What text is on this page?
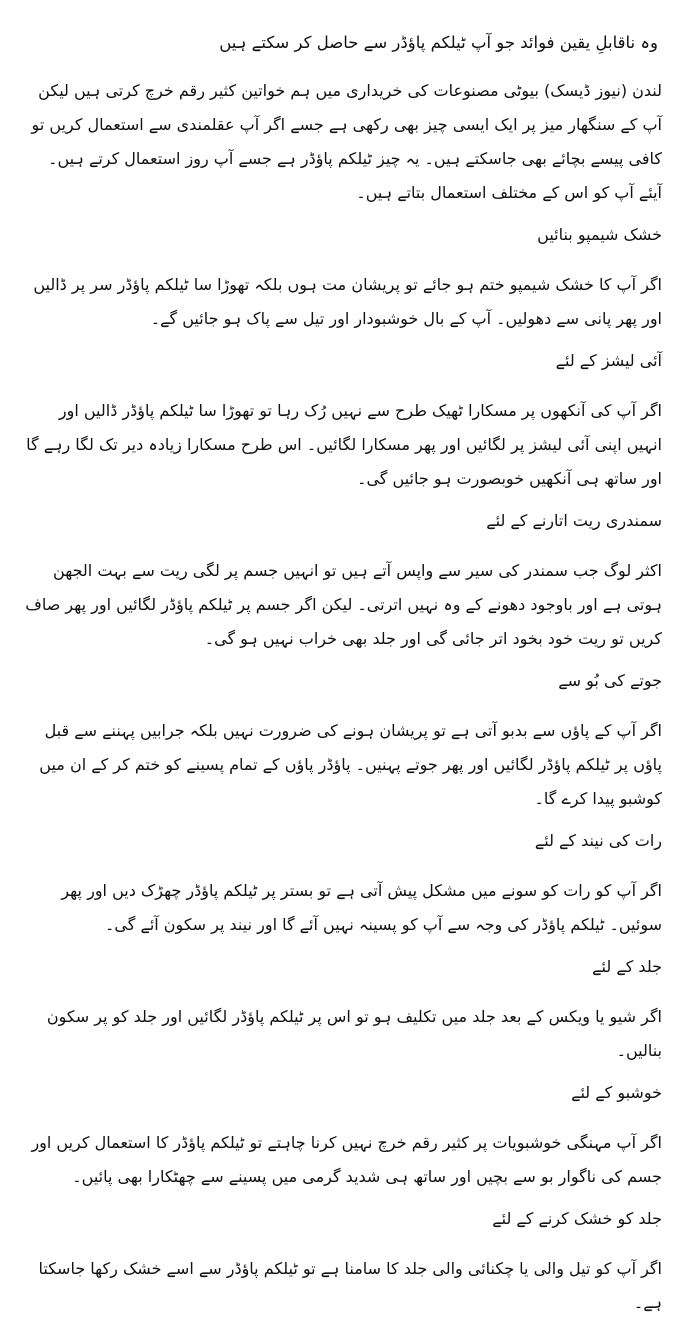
وہ ناقابلِ یقین فوائد جو آپ ٹیلکم پاؤڈر سے حاصل کر سکتے ہیں

لندن (نیوز ڈیسک) بیوٹی مصنوعات کی خریداری میں ہم خواتین کثیر رقم خرچ کرتی ہیں لیکن آپ کے سنگھار میز پر ایک ایسی چیز بھی رکھی ہے جسے اگر آپ عقلمندی سے استعمال کریں تو کافی پیسے بچائے بھی جاسکتے ہیں۔ یہ چیز ٹیلکم پاؤڈر ہے جسے آپ روز استعمال کرتے ہیں۔ آیئے آپ کو اس کے مختلف استعمال بتاتے ہیں۔

خشک شیمپو بنائیں

اگر آپ کا خشک شیمپو ختم ہو جائے تو پریشان مت ہوں بلکہ تھوڑا سا ٹیلکم پاؤڈر سر پر ڈالیں اور پھر پانی سے دھولیں۔ آپ کے بال خوشبودار اور تیل سے پاک ہو جائیں گے۔

آئی لیشز کے لئے

اگر آپ کی آنکھوں پر مسکارا ٹھیک طرح سے نہیں رُک رہا تو تھوڑا سا ٹیلکم پاؤڈر ڈالیں اور انہیں اپنی آئی لیشز پر لگائیں اور پھر مسکارا لگائیں۔ اس طرح مسکارا زیادہ دیر تک لگا رہے گا اور ساتھ ہی آنکھیں خوبصورت ہو جائیں گی۔

سمندری ریت اتارنے کے لئے

اکثر لوگ جب سمندر کی سیر سے واپس آتے ہیں تو انہیں جسم پر لگی ریت سے بہت الجھن ہوتی ہے اور باوجود دھونے کے وہ نہیں اترتی۔ لیکن اگر جسم پر ٹیلکم پاؤڈر لگائیں اور پھر صاف کریں تو ریت خود بخود اتر جائی گی اور جلد بھی خراب نہیں ہو گی۔

جوتے کی بُو سے

اگر آپ کے پاؤں سے بدبو آتی ہے تو پریشان ہونے کی ضرورت نہیں بلکہ جرابیں پہننے سے قبل پاؤں پر ٹیلکم پاؤڈر لگائیں اور پھر جوتے پہنیں۔ پاؤڈر پاؤں کے تمام پسینے کو ختم کر کے ان میں کوشبو پیدا کرے گا۔

رات کی نیند کے لئے

اگر آپ کو رات کو سونے میں مشکل پیش آتی ہے تو بستر پر ٹیلکم پاؤڈر چھڑک دیں اور پھر سوئیں۔ ٹیلکم پاؤڈر کی وجہ سے آپ کو پسینہ نہیں آئے گا اور نیند پر سکون آئے گی۔

جلد کے لئے

اگر شیو یا ویکس کے بعد جلد میں تکلیف ہو تو اس پر ٹیلکم پاؤڈر لگائیں اور جلد کو پر سکون بنالیں۔

خوشبو کے لئے

اگر آپ مہنگی خوشبویات پر کثیر رقم خرچ نہیں کرنا چاہتے تو ٹیلکم پاؤڈر کا استعمال کریں اور جسم کی ناگوار بو سے بچیں اور ساتھ ہی شدید گرمی میں پسینے سے چھٹکارا بھی پائیں۔

جلد کو خشک کرنے کے لئے

اگر آپ کو تیل والی یا چکنائی والی جلد کا سامنا ہے تو ٹیلکم پاؤڈر سے اسے خشک رکھا جاسکتا ہے۔
